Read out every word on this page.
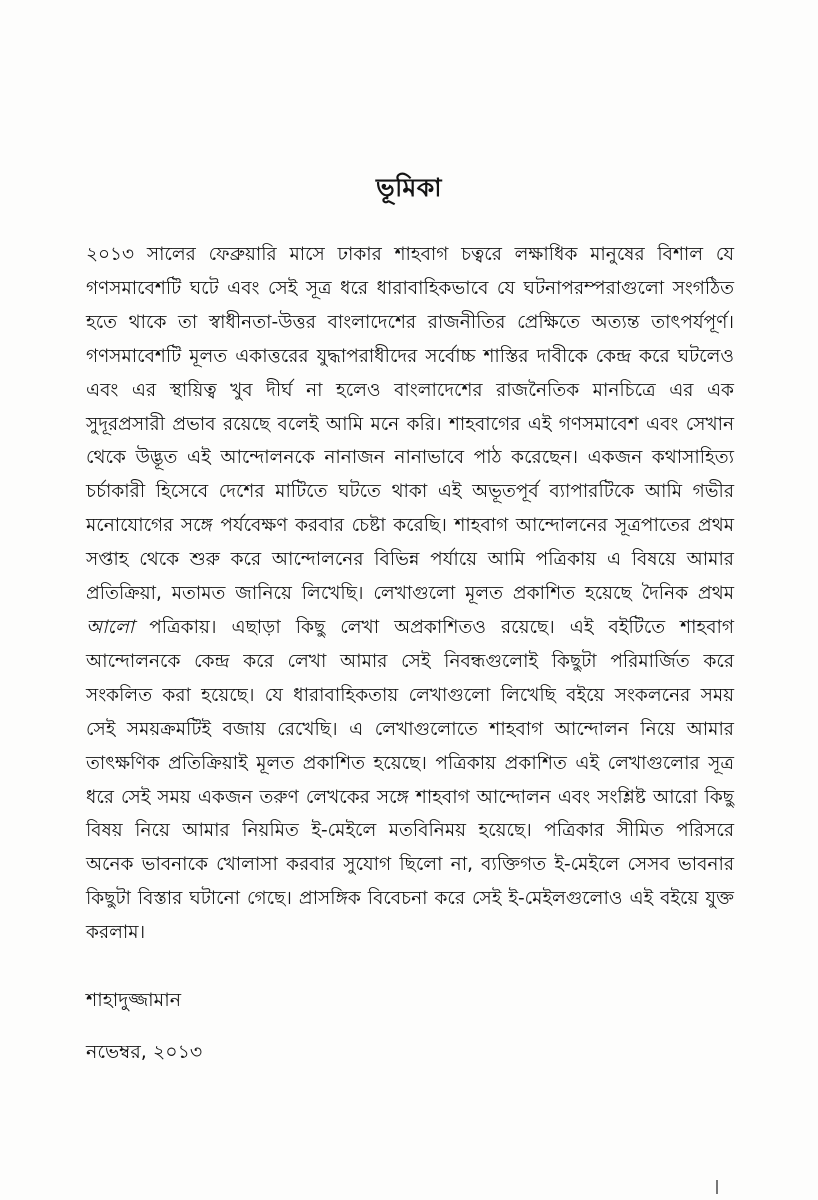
ভূমিকা

২০১৩ সালের ফেব্রুয়ারি মাসে ঢাকার শাহবাগ চত্বরে লক্ষাধিক মানুষের বিশাল যে গণসমাবেশটি ঘটে এবং সেই সূত্র ধরে ধারাবাহিকভাবে যে ঘটনাপরম্পরাগুলো সংগঠিত হতে থাকে তা স্বাধীনতা-উত্তর বাংলাদেশের রাজনীতির প্রেক্ষিতে অত্যন্ত তাৎপর্যপূর্ণ। গণসমাবেশটি মূলত একাত্তরের যুদ্ধাপরাধীদের সর্বোচ্চ শাস্তির দাবীকে কেন্দ্র করে ঘটলেও এবং এর স্থায়িত্ব খুব দীর্ঘ না হলেও বাংলাদেশের রাজনৈতিক মানচিত্রে এর এক সুদূরপ্রসারী প্রভাব রয়েছে বলেই আমি মনে করি। শাহবাগের এই গণসমাবেশ এবং সেখান থেকে উদ্ভূত এই আন্দোলনকে নানাজন নানাভাবে পাঠ করেছেন। একজন কথাসাহিত্য চর্চাকারী হিসেবে দেশের মাটিতে ঘটতে থাকা এই অভূতপূর্ব ব্যাপারটিকে আমি গভীর মনোযোগের সঙ্গে পর্যবেক্ষণ করবার চেষ্টা করেছি। শাহবাগ আন্দোলনের সূত্রপাতের প্রথম সপ্তাহ থেকে শুরু করে আন্দোলনের বিভিন্ন পর্যায়ে আমি পত্রিকায় এ বিষয়ে আমার প্রতিক্রিয়া, মতামত জানিয়ে লিখেছি। লেখাগুলো মূলত প্রকাশিত হয়েছে দৈনিক প্রথম আলো পত্রিকায়। এছাড়া কিছু লেখা অপ্রকাশিতও রয়েছে। এই বইটিতে শাহবাগ আন্দোলনকে কেন্দ্র করে লেখা আমার সেই নিবন্ধগুলোই কিছুটা পরিমার্জিত করে সংকলিত করা হয়েছে। যে ধারাবাহিকতায় লেখাগুলো লিখেছি বইয়ে সংকলনের সময় সেই সময়ক্রমটিই বজায় রেখেছি। এ লেখাগুলোতে শাহবাগ আন্দোলন নিয়ে আমার তাৎক্ষণিক প্রতিক্রিয়াই মূলত প্রকাশিত হয়েছে। পত্রিকায় প্রকাশিত এই লেখাগুলোর সূত্র ধরে সেই সময় একজন তরুণ লেখকের সঙ্গে শাহবাগ আন্দোলন এবং সংশ্লিষ্ট আরো কিছু বিষয় নিয়ে আমার নিয়মিত ই-মেইলে মতবিনিময় হয়েছে। পত্রিকার সীমিত পরিসরে অনেক ভাবনাকে খোলাসা করবার সুযোগ ছিলো না, ব্যক্তিগত ই-মেইলে সেসব ভাবনার কিছুটা বিস্তার ঘটানো গেছে। প্রাসঙ্গিক বিবেচনা করে সেই ই-মেইলগুলোও এই বইয়ে যুক্ত করলাম।

শাহাদুজ্জামান
নভেম্বর, ২০১৩
